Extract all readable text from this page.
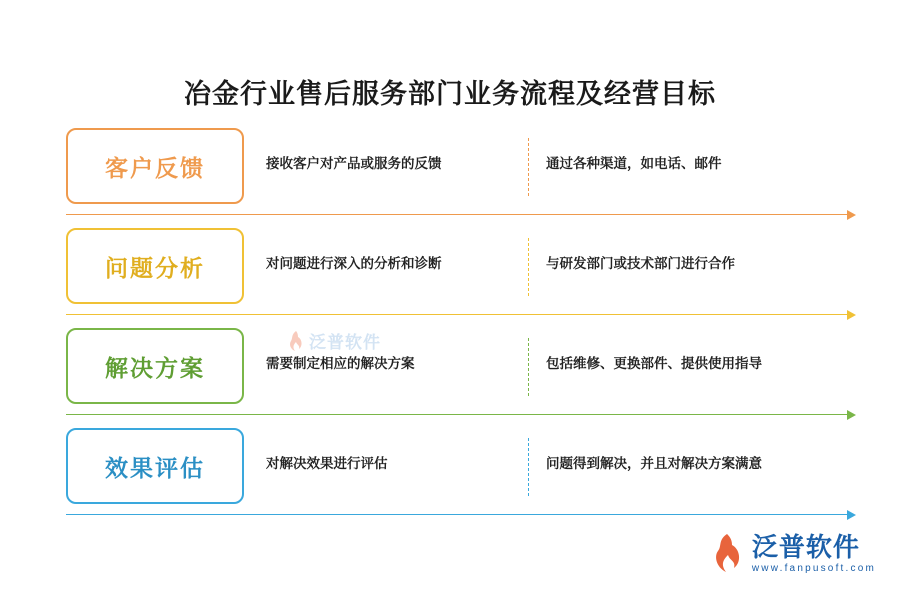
冶金行业售后服务部门业务流程及经营目标
客户反馈	接收客户对产品或服务的反馈	通过各种渠道，如电话、邮件
问题分析	对问题进行深入的分析和诊断	与研发部门或技术部门进行合作
解决方案	需要制定相应的解决方案	包括维修、更换部件、提供使用指导
效果评估	对解决效果进行评估	问题得到解决，并且对解决方案满意
泛普软件
泛普软件
www.fanpusoft.com
